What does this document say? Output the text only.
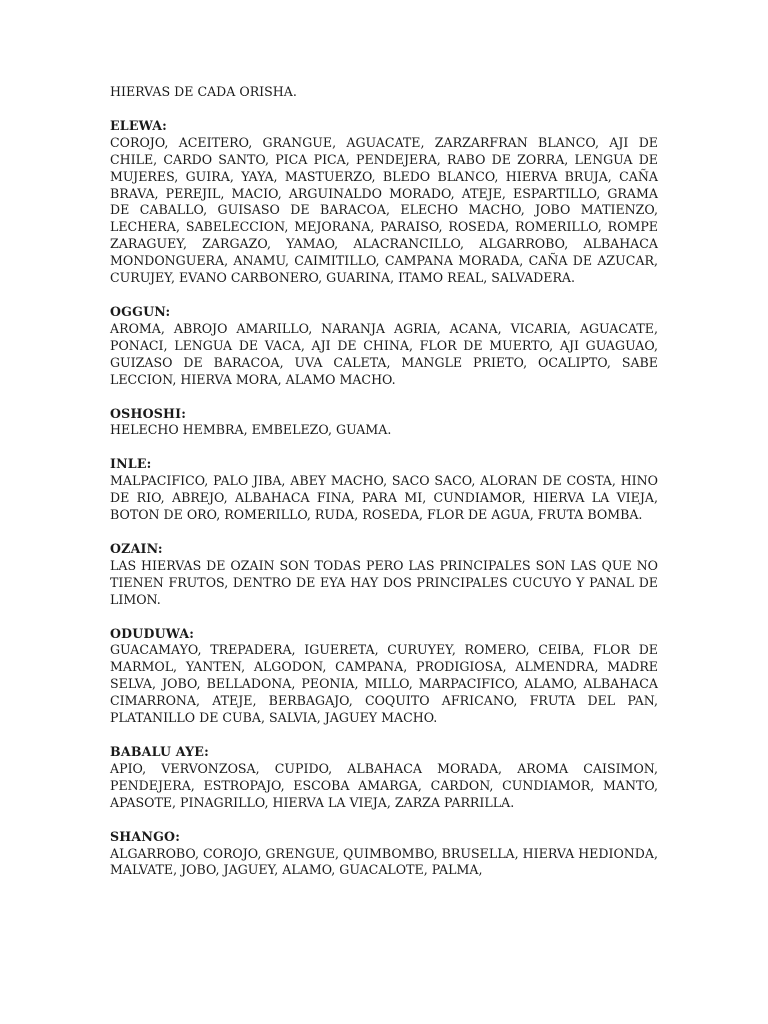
HIERVAS DE CADA ORISHA.

ELEWA:

COROJO, ACEITERO, GRANGUE, AGUACATE, ZARZARFRAN BLANCO, AJI DE CHILE, CARDO SANTO, PICA PICA, PENDEJERA, RABO DE ZORRA, LENGUA DE MUJERES, GUIRA, YAYA, MASTUERZO, BLEDO BLANCO, HIERVA BRUJA, CAÑA BRAVA, PEREJIL, MACIO, ARGUINALDO MORADO, ATEJE, ESPARTILLO, GRAMA DE CABALLO, GUISASO DE BARACOA, ELECHO MACHO, JOBO MATIENZO, LECHERA, SABELECCION, MEJORANA, PARAISO, ROSEDA, ROMERILLO, ROMPE ZARAGUEY, ZARGAZO, YAMAO, ALACRANCILLO, ALGARROBO, ALBAHACA MONDONGUERA, ANAMU, CAIMITILLO, CAMPANA MORADA, CAÑA DE AZUCAR, CURUJEY, EVANO CARBONERO, GUARINA, ITAMO REAL, SALVADERA.

OGGUN:

AROMA, ABROJO AMARILLO, NARANJA AGRIA, ACANA, VICARIA, AGUACATE, PONACI, LENGUA DE VACA, AJI DE CHINA, FLOR DE MUERTO, AJI GUAGUAO, GUIZASO DE BARACOA, UVA CALETA, MANGLE PRIETO, OCALIPTO, SABE LECCION, HIERVA MORA, ALAMO MACHO.

OSHOSHI:

HELECHO HEMBRA, EMBELEZO, GUAMA.

INLE:

MALPACIFICO, PALO JIBA, ABEY MACHO, SACO SACO, ALORAN DE COSTA, HINO DE RIO, ABREJO, ALBAHACA FINA, PARA MI, CUNDIAMOR, HIERVA LA VIEJA, BOTON DE ORO, ROMERILLO, RUDA, ROSEDA, FLOR DE AGUA, FRUTA BOMBA.

OZAIN:

LAS HIERVAS DE OZAIN SON TODAS PERO LAS PRINCIPALES SON LAS QUE NO TIENEN FRUTOS, DENTRO DE EYA HAY DOS PRINCIPALES CUCUYO Y PANAL DE LIMON.

ODUDUWA:

GUACAMAYO, TREPADERA, IGUERETA, CURUYEY, ROMERO, CEIBA, FLOR DE MARMOL, YANTEN, ALGODON, CAMPANA, PRODIGIOSA, ALMENDRA, MADRE SELVA, JOBO, BELLADONA, PEONIA, MILLO, MARPACIFICO, ALAMO, ALBAHACA CIMARRONA, ATEJE, BERBAGAJO, COQUITO AFRICANO, FRUTA DEL PAN, PLATANILLO DE CUBA, SALVIA, JAGUEY MACHO.

BABALU AYE:

APIO, VERVONZOSA, CUPIDO, ALBAHACA MORADA, AROMA CAISIMON, PENDEJERA, ESTROPAJO, ESCOBA AMARGA, CARDON, CUNDIAMOR, MANTO, APASOTE, PINAGRILLO, HIERVA LA VIEJA, ZARZA PARRILLA.

SHANGO:

ALGARROBO, COROJO, GRENGUE, QUIMBOMBO, BRUSELLA, HIERVA HEDIONDA, MALVATE, JOBO, JAGUEY, ALAMO, GUACALOTE, PALMA,
